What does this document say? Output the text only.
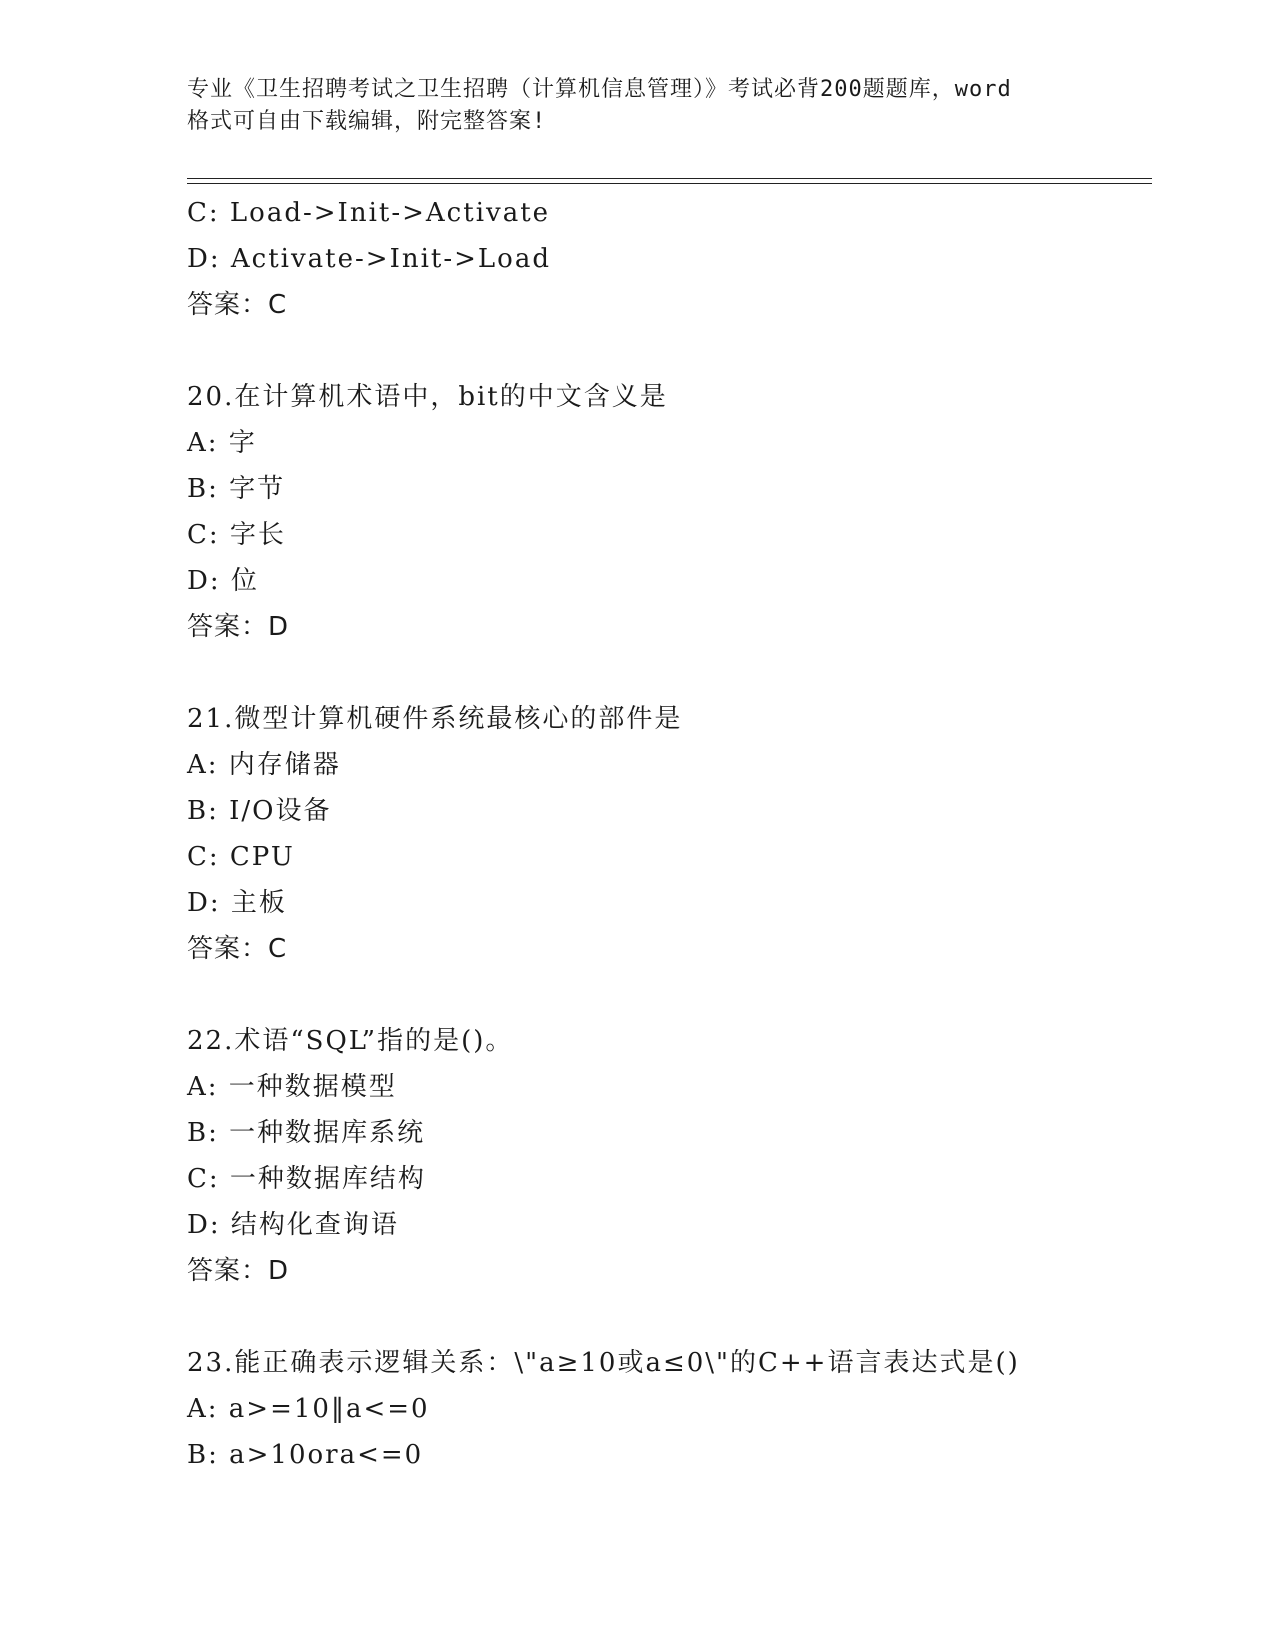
专业《卫生招聘考试之卫生招聘（计算机信息管理）》考试必背200题题库，word
格式可自由下载编辑，附完整答案!
C: Load->Init->Activate
D: Activate->Init->Load
答案：C
20.在计算机术语中，bit的中文含义是
A: 字
B: 字节
C: 字长
D: 位
答案：D
21.微型计算机硬件系统最核心的部件是
A: 内存储器
B: I/O设备
C: CPU
D: 主板
答案：C
22.术语“SQL”指的是()。
A: 一种数据模型
B: 一种数据库系统
C: 一种数据库结构
D: 结构化查询语
答案：D
23.能正确表示逻辑关系：\"a≥10或a≤0\"的C++语言表达式是()
A: a>=10‖a<=0
B: a>10ora<=0
